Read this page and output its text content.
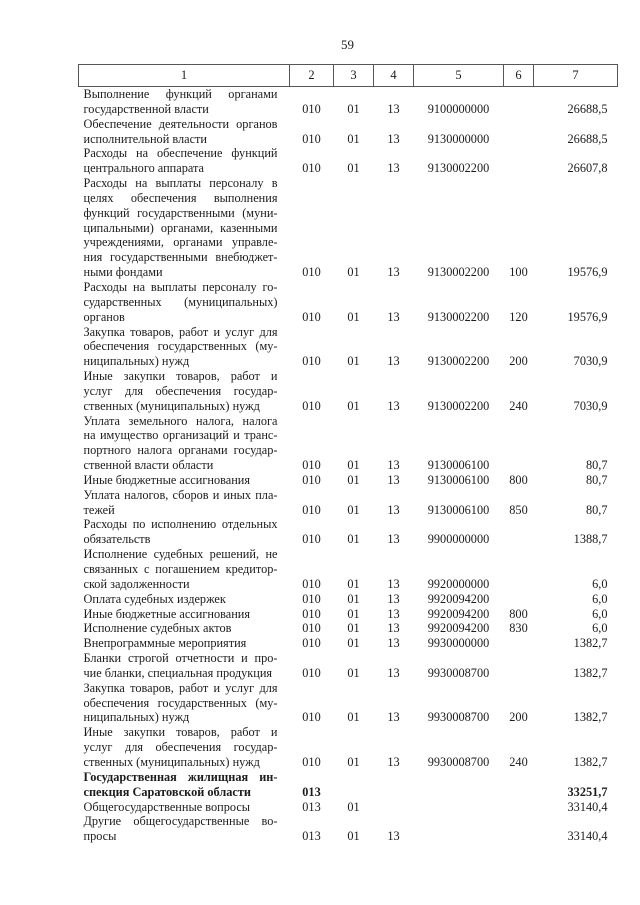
59
1	2	3	4	5	6	7

Выполнение функций органами
государственной власти	010	01	13	9100000000		26688,5

Обеспечение деятельности органов
исполнительной власти	010	01	13	9130000000		26688,5

Расходы на обеспечение функций
центрального аппарата	010	01	13	9130002200		26607,8

Расходы на выплаты персоналу в
целях обеспечения выполнения
функций государственными (муни-
ципальными) органами, казенными
учреждениями, органами управле-
ния государственными внебюджет-
ными фондами	010	01	13	9130002200	100	19576,9

Расходы на выплаты персоналу го-
сударственных (муниципальных)
органов	010	01	13	9130002200	120	19576,9

Закупка товаров, работ и услуг для
обеспечения государственных (му-
ниципальных) нужд	010	01	13	9130002200	200	7030,9

Иные закупки товаров, работ и
услуг для обеспечения государ-
ственных (муниципальных) нужд	010	01	13	9130002200	240	7030,9

Уплата земельного налога, налога
на имущество организаций и транс-
портного налога органами государ-
ственной власти области	010	01	13	9130006100		80,7

Иные бюджетные ассигнования	010	01	13	9130006100	800	80,7

Уплата налогов, сборов и иных пла-
тежей	010	01	13	9130006100	850	80,7

Расходы по исполнению отдельных
обязательств	010	01	13	9900000000		1388,7

Исполнение судебных решений, не
связанных с погашением кредитор-
ской задолженности	010	01	13	9920000000		6,0

Оплата судебных издержек	010	01	13	9920094200		6,0

Иные бюджетные ассигнования	010	01	13	9920094200	800	6,0

Исполнение судебных актов	010	01	13	9920094200	830	6,0

Внепрограммные мероприятия	010	01	13	9930000000		1382,7

Бланки строгой отчетности и про-
чие бланки, специальная продукция	010	01	13	9930008700		1382,7

Закупка товаров, работ и услуг для
обеспечения государственных (му-
ниципальных) нужд	010	01	13	9930008700	200	1382,7

Иные закупки товаров, работ и
услуг для обеспечения государ-
ственных (муниципальных) нужд	010	01	13	9930008700	240	1382,7

Государственная жилищная ин-
спекция Саратовской области	013					33251,7

Общегосударственные вопросы	013	01				33140,4

Другие общегосударственные во-
просы	013	01	13			33140,4
